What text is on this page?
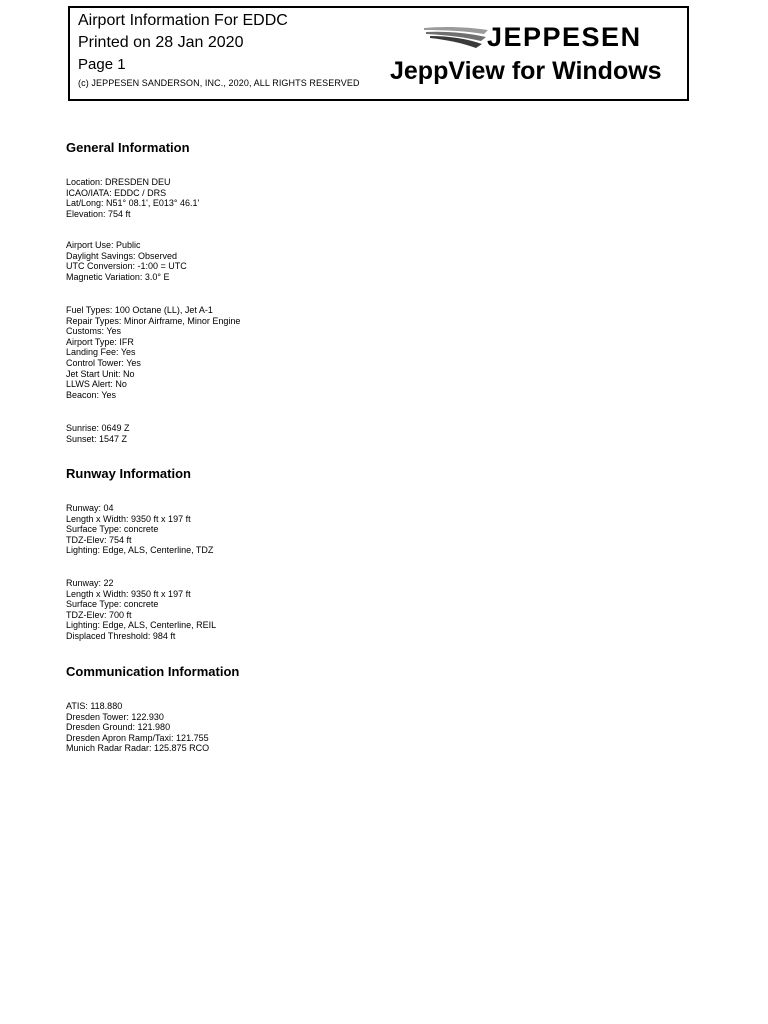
Airport Information For EDDC
Printed on 28 Jan 2020
Page 1
(c) JEPPESEN SANDERSON, INC., 2020, ALL RIGHTS RESERVED
JEPPESEN
JeppView for Windows
General Information
Location: DRESDEN DEU
ICAO/IATA: EDDC / DRS
Lat/Long: N51° 08.1', E013° 46.1'
Elevation: 754 ft
Airport Use: Public
Daylight Savings: Observed
UTC Conversion: -1:00 = UTC
Magnetic Variation: 3.0° E
Fuel Types: 100 Octane (LL), Jet A-1
Repair Types: Minor Airframe, Minor Engine
Customs: Yes
Airport Type: IFR
Landing Fee: Yes
Control Tower: Yes
Jet Start Unit: No
LLWS Alert: No
Beacon: Yes
Sunrise: 0649 Z
Sunset: 1547 Z
Runway Information
Runway: 04
Length x Width: 9350 ft x 197 ft
Surface Type: concrete
TDZ-Elev: 754 ft
Lighting: Edge, ALS, Centerline, TDZ
Runway: 22
Length x Width: 9350 ft x 197 ft
Surface Type: concrete
TDZ-Elev: 700 ft
Lighting: Edge, ALS, Centerline, REIL
Displaced Threshold: 984 ft
Communication Information
ATIS: 118.880
Dresden Tower: 122.930
Dresden Ground: 121.980
Dresden Apron Ramp/Taxi: 121.755
Munich Radar Radar: 125.875 RCO
